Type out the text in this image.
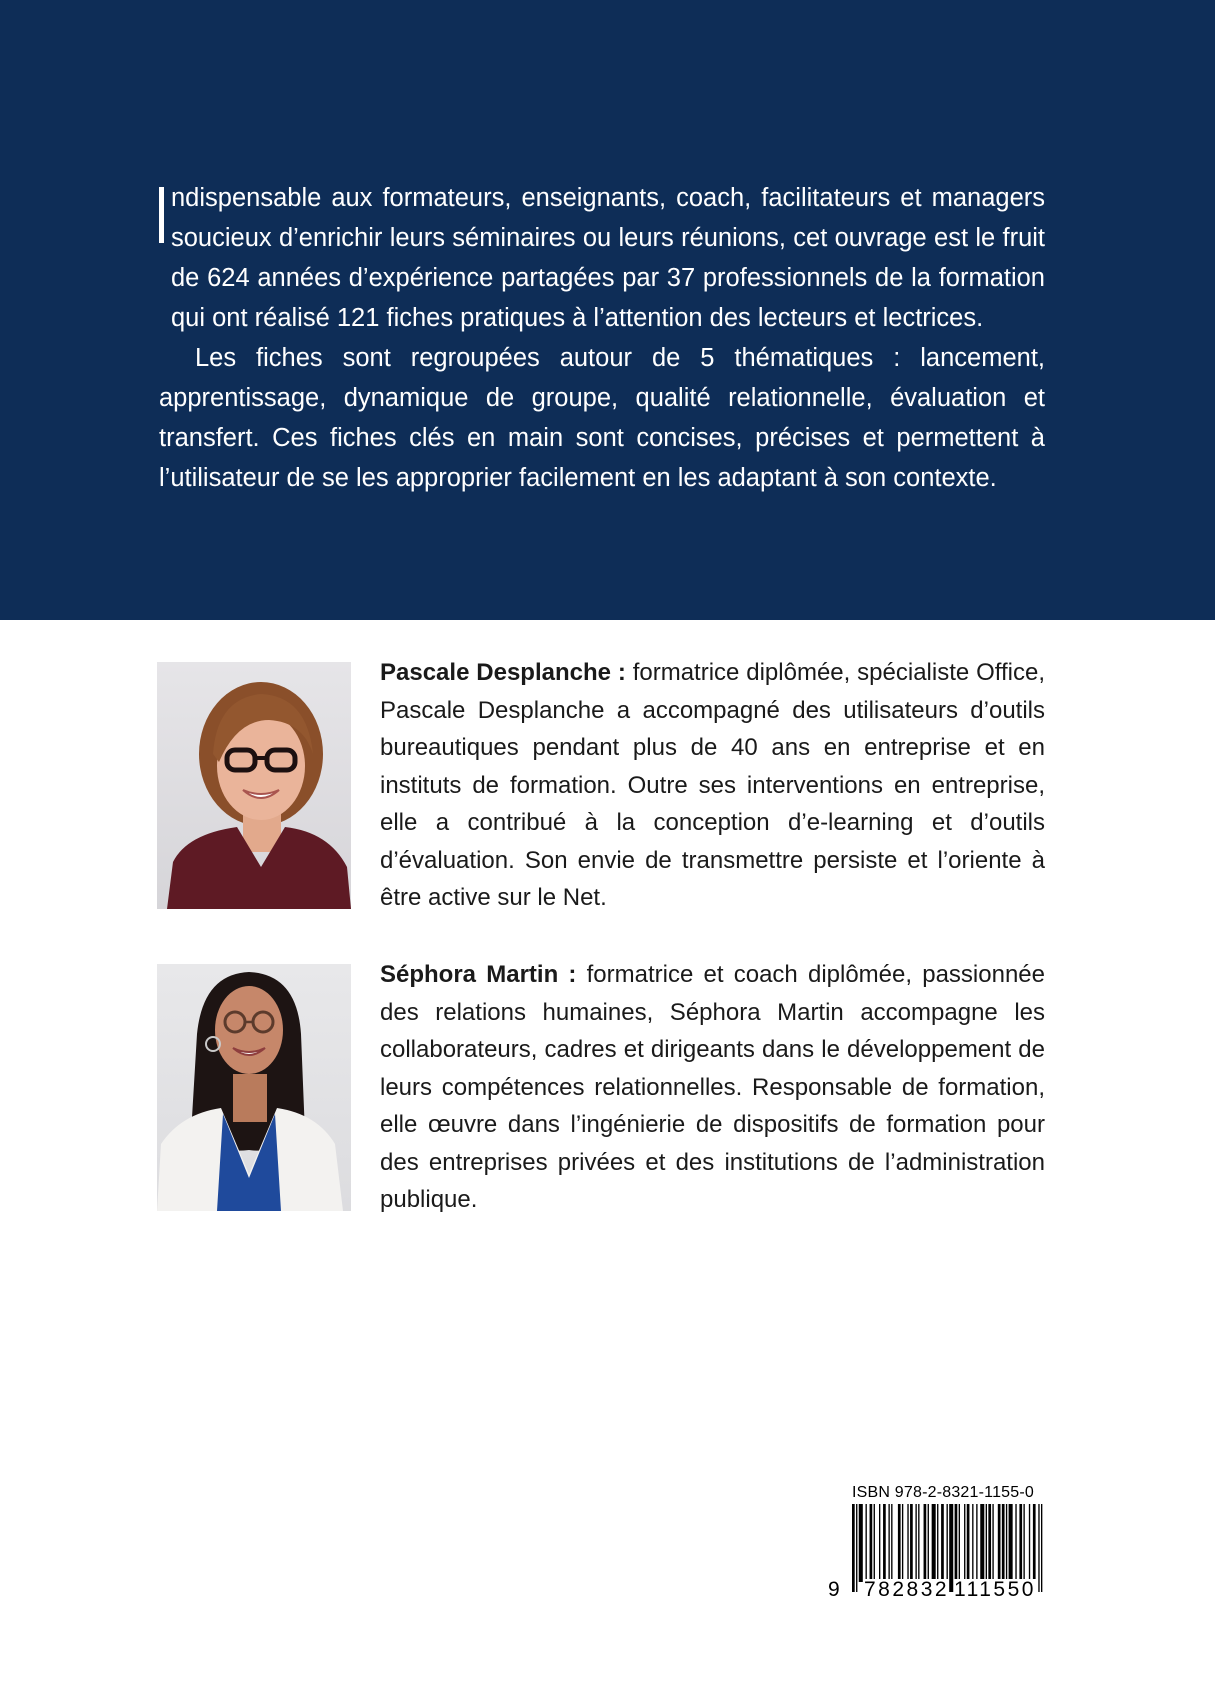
ndispensable aux formateurs, enseignants, coach, facilitateurs et managers soucieux d’enrichir leurs séminaires ou leurs réunions, cet ouvrage est le fruit de 624 années d’expérience partagées par 37 professionnels de la formation qui ont réalisé 121 fiches pratiques à l’attention des lecteurs et lectrices.

Les fiches sont regroupées autour de 5 thématiques : lancement, apprentissage, dynamique de groupe, qualité relationnelle, évaluation et transfert. Ces fiches clés en main sont concises, précises et permettent à l’utilisateur de se les approprier facilement en les adaptant à son contexte.

Pascale Desplanche : formatrice diplômée, spécialiste Office, Pascale Desplanche a accompagné des utilisateurs d’outils bureautiques pendant plus de 40 ans en entreprise et en instituts de formation. Outre ses interventions en entreprise, elle a contribué à la conception d’e-learning et d’outils d’évaluation. Son envie de transmettre persiste et l’oriente à être active sur le Net.

Séphora Martin : formatrice et coach diplômée, passionnée des relations humaines, Séphora Martin accompagne les collaborateurs, cadres et dirigeants dans le développement de leurs compétences relationnelles. Responsable de formation, elle œuvre dans l’ingénierie de dispositifs de formation pour des entreprises privées et des institutions de l’administration publique.

ISBN 978-2-8321-1155-0
9 782832 111550
